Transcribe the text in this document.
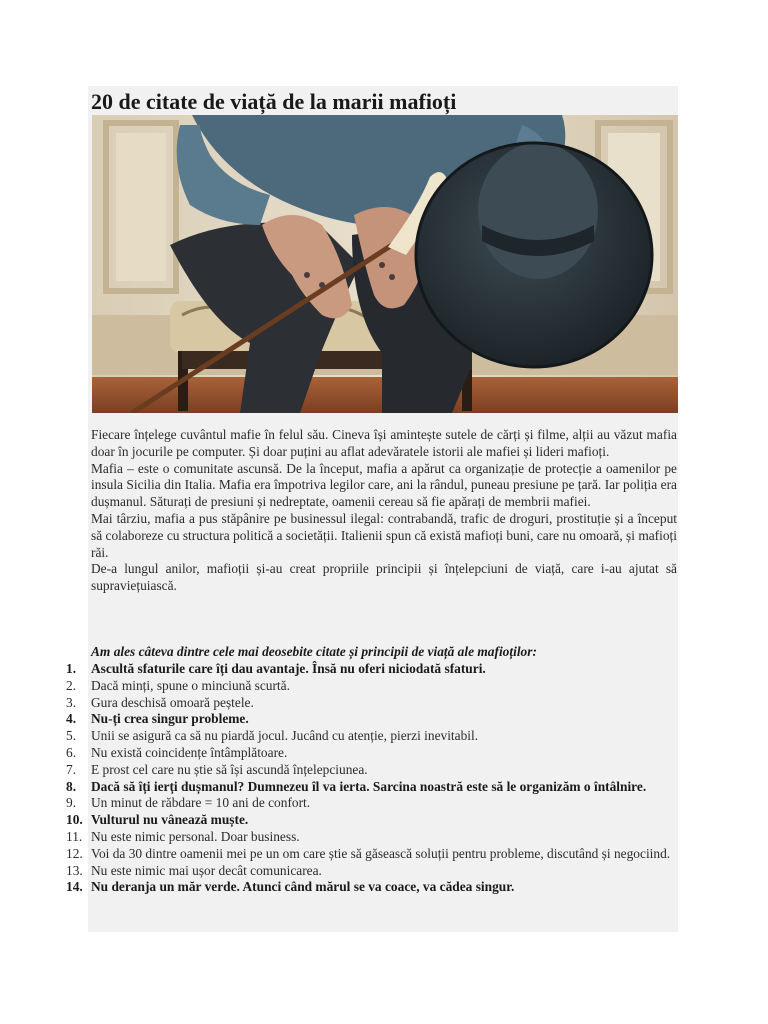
20 de citate de viață de la marii mafioți

Fiecare înțelege cuvântul mafie în felul său. Cineva își amintește sutele de cărți și filme, alții au văzut mafia doar în jocurile pe computer. Și doar puțini au aflat adevăratele istorii ale mafiei și lideri mafioți.

Mafia – este o comunitate ascunsă. De la început, mafia a apărut ca organizație de protecție a oamenilor pe insula Sicilia din Italia. Mafia era împotriva legilor care, ani la rândul, puneau presiune pe țară. Iar poliția era dușmanul. Săturați de presiuni și nedreptate, oamenii cereau să fie apărați de membrii mafiei.

Mai târziu, mafia a pus stăpânire pe businessul ilegal: contrabandă, trafic de droguri, prostituție și a început să colaboreze cu structura politică a societății. Italienii spun că există mafioți buni, care nu omoară, și mafioți răi.

De-a lungul anilor, mafioții și-au creat propriile principii și înțelepciuni de viață, care i-au ajutat să supraviețuiască.

Am ales câteva dintre cele mai deosebite citate și principii de viață ale mafioților:

1.	Ascultă sfaturile care îți dau avantaje. Însă nu oferi niciodată sfaturi.
2.	Dacă minți, spune o minciună scurtă.
3.	Gura deschisă omoară peștele.
4.	Nu-ți crea singur probleme.
5.	Unii se asigură ca să nu piardă jocul. Jucând cu atenție, pierzi inevitabil.
6.	Nu există coincidențe întâmplătoare.
7.	E prost cel care nu știe să își ascundă înțelepciunea.
8.	Dacă să îți ierți dușmanul? Dumnezeu îl va ierta. Sarcina noastră este să le organizăm o întâlnire.
9.	Un minut de răbdare = 10 ani de confort.
10. Vulturul nu vânează muște.
11. Nu este nimic personal. Doar business.
12. Voi da 30 dintre oamenii mei pe un om care știe să găsească soluții pentru probleme, discutând și negociind.
13. Nu este nimic mai ușor decât comunicarea.
14. Nu deranja un măr verde. Atunci când mărul se va coace, va cădea singur.
